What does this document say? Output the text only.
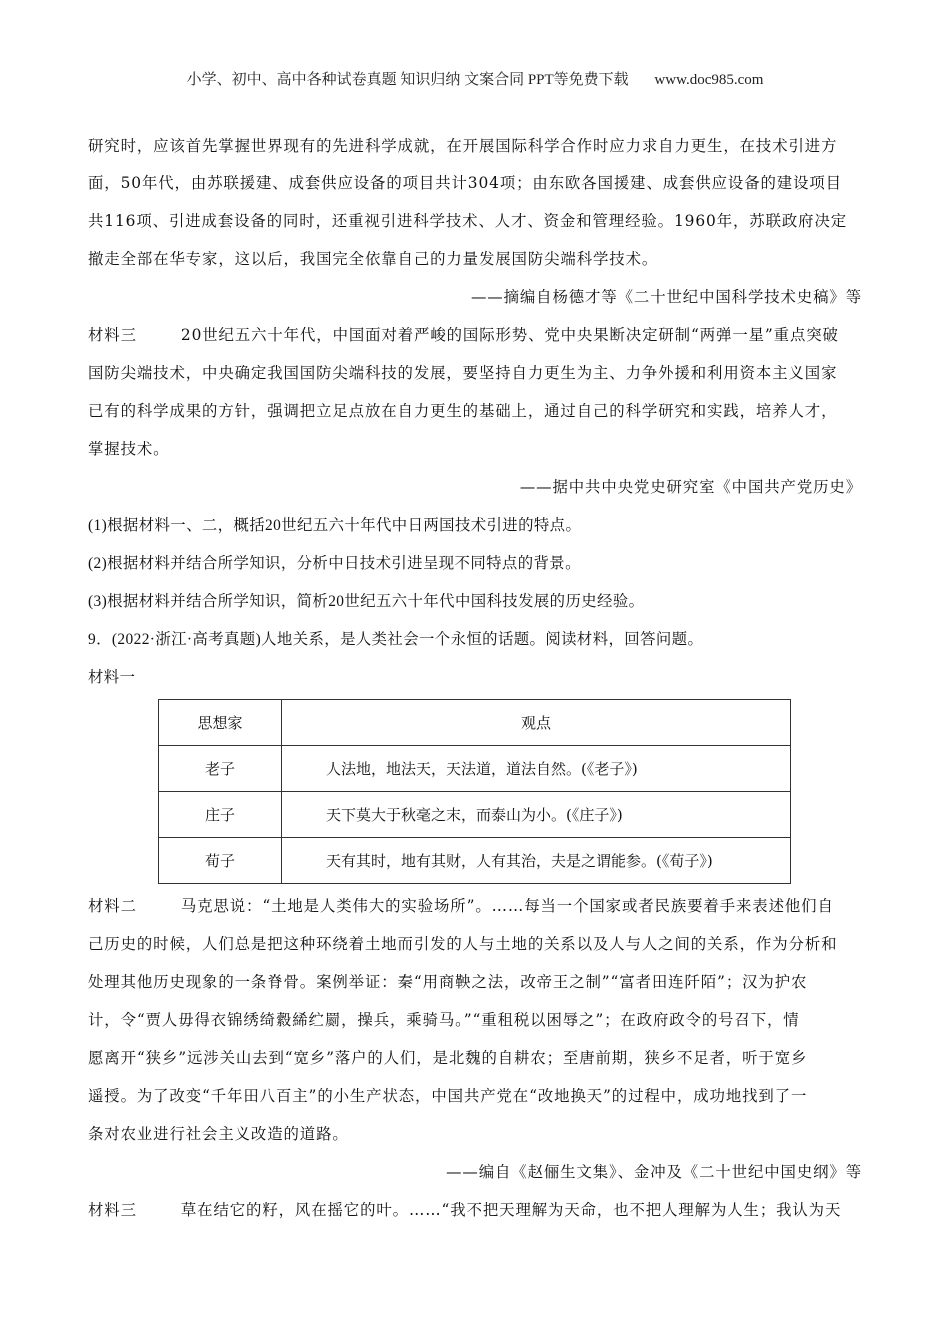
小学、初中、高中各种试卷真题 知识归纳 文案合同 PPT等免费下载 www.doc985.com
研究时，应该首先掌握世界现有的先进科学成就，在开展国际科学合作时应力求自力更生，在技术引进方
面，50年代，由苏联援建、成套供应设备的项目共计304项；由东欧各国援建、成套供应设备的建设项目
共116项、引进成套设备的同时，还重视引进科学技术、人才、资金和管理经验。1960年，苏联政府决定
撤走全部在华专家，这以后，我国完全依靠自己的力量发展国防尖端科学技术。
——摘编自杨德才等《二十世纪中国科学技术史稿》等
材料三	20世纪五六十年代，中国面对着严峻的国际形势、党中央果断决定研制“两弹一星”重点突破
国防尖端技术，中央确定我国国防尖端科技的发展，要坚持自力更生为主、力争外援和利用资本主义国家
已有的科学成果的方针，强调把立足点放在自力更生的基础上，通过自己的科学研究和实践，培养人才，
掌握技术。
——据中共中央党史研究室《中国共产党历史》
(1)根据材料一、二，概括20世纪五六十年代中日两国技术引进的特点。
(2)根据材料并结合所学知识，分析中日技术引进呈现不同特点的背景。
(3)根据材料并结合所学知识，简析20世纪五六十年代中国科技发展的历史经验。
9．(2022·浙江·高考真题)人地关系，是人类社会一个永恒的话题。阅读材料，回答问题。
材料一
思想家	观点
老子	人法地，地法天，天法道，道法自然。(《老子》)
庄子	天下莫大于秋毫之末，而泰山为小。(《庄子》)
荀子	天有其时，地有其财，人有其治，夫是之谓能参。(《荀子》)
材料二	马克思说：“土地是人类伟大的实验场所”。……每当一个国家或者民族要着手来表述他们自
己历史的时候，人们总是把这种环绕着土地而引发的人与土地的关系以及人与人之间的关系，作为分析和
处理其他历史现象的一条脊骨。案例举证：秦“用商鞅之法，改帝王之制”“富者田连阡陌”；汉为护农
计，令“贾人毋得衣锦绣绮縠絺纻罽，操兵，乘骑马。”“重租税以困辱之”；在政府政令的号召下，情
愿离开“狭乡”远涉关山去到“宽乡”落户的人们，是北魏的自耕农；至唐前期，狭乡不足者，听于宽乡
遥授。为了改变“千年田八百主”的小生产状态，中国共产党在“改地换天”的过程中，成功地找到了一
条对农业进行社会主义改造的道路。
——编自《赵俪生文集》、金冲及《二十世纪中国史纲》等
材料三	草在结它的籽，风在摇它的叶。……“我不把天理解为天命，也不把人理解为人生；我认为天
